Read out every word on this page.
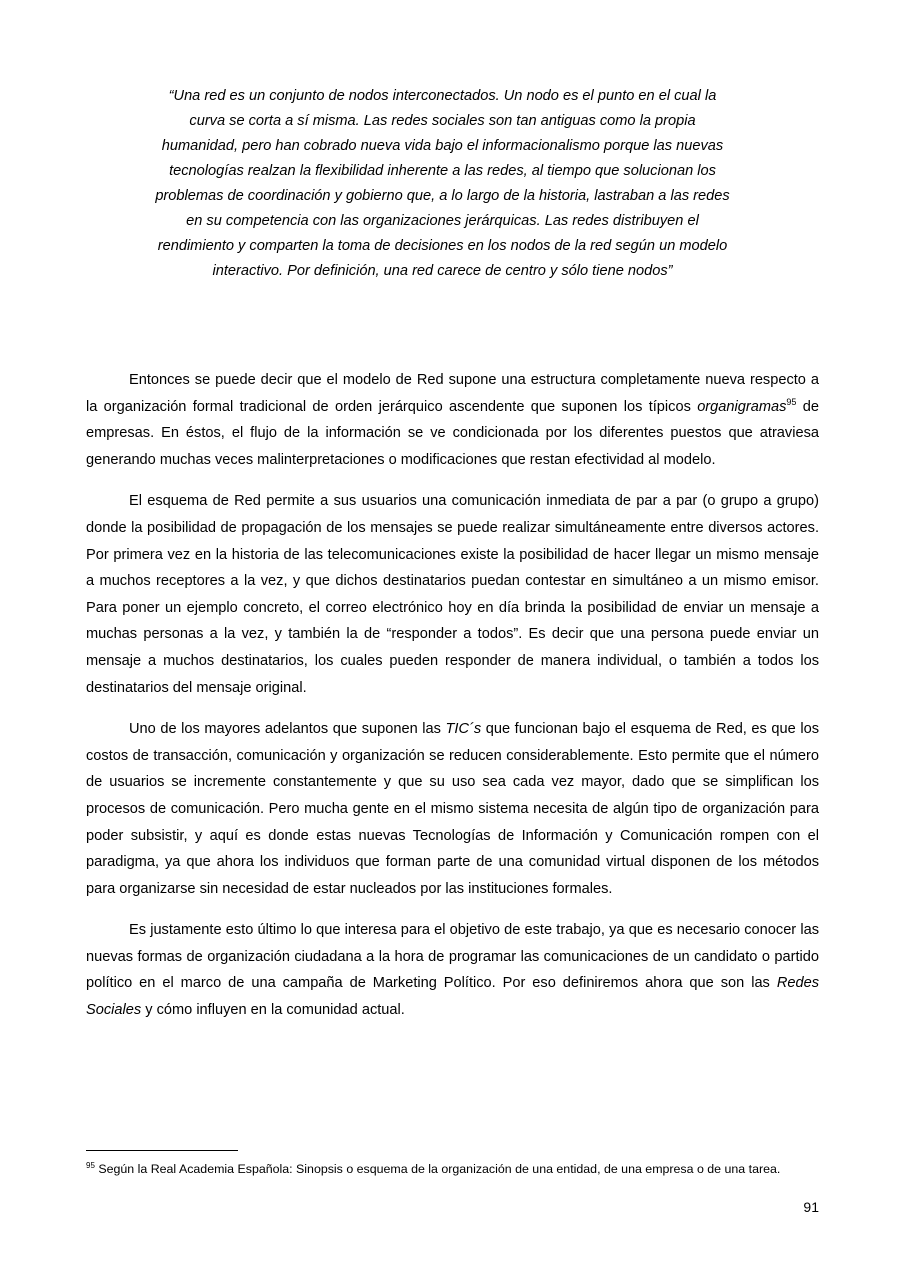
“Una red es un conjunto de nodos interconectados. Un nodo es el punto en el cual la curva se corta a sí misma. Las redes sociales son tan antiguas como la propia humanidad, pero han cobrado nueva vida bajo el informacionalismo porque las nuevas tecnologías realzan la flexibilidad inherente a las redes, al tiempo que solucionan los problemas de coordinación y gobierno que, a lo largo de la historia, lastraban a las redes en su competencia con las organizaciones jerárquicas. Las redes distribuyen el rendimiento y comparten la toma de decisiones en los nodos de la red según un modelo interactivo. Por definición, una red carece de centro y sólo tiene nodos”

Entonces se puede decir que el modelo de Red supone una estructura completamente nueva respecto a la organización formal tradicional de orden jerárquico ascendente que suponen los típicos organigramas$^{95}$ de empresas. En éstos, el flujo de la información se ve condicionada por los diferentes puestos que atraviesa generando muchas veces malinterpretaciones o modificaciones que restan efectividad al modelo.

El esquema de Red permite a sus usuarios una comunicación inmediata de par a par (o grupo a grupo) donde la posibilidad de propagación de los mensajes se puede realizar simultáneamente entre diversos actores. Por primera vez en la historia de las telecomunicaciones existe la posibilidad de hacer llegar un mismo mensaje a muchos receptores a la vez, y que dichos destinatarios puedan contestar en simultáneo a un mismo emisor. Para poner un ejemplo concreto, el correo electrónico hoy en día brinda la posibilidad de enviar un mensaje a muchas personas a la vez, y también la de “responder a todos”. Es decir que una persona puede enviar un mensaje a muchos destinatarios, los cuales pueden responder de manera individual, o también a todos los destinatarios del mensaje original.

Uno de los mayores adelantos que suponen las TIC´s que funcionan bajo el esquema de Red, es que los costos de transacción, comunicación y organización se reducen considerablemente. Esto permite que el número de usuarios se incremente constantemente y que su uso sea cada vez mayor, dado que se simplifican los procesos de comunicación. Pero mucha gente en el mismo sistema necesita de algún tipo de organización para poder subsistir, y aquí es donde estas nuevas Tecnologías de Información y Comunicación rompen con el paradigma, ya que ahora los individuos que forman parte de una comunidad virtual disponen de los métodos para organizarse sin necesidad de estar nucleados por las instituciones formales.

Es justamente esto último lo que interesa para el objetivo de este trabajo, ya que es necesario conocer las nuevas formas de organización ciudadana a la hora de programar las comunicaciones de un candidato o partido político en el marco de una campaña de Marketing Político. Por eso definiremos ahora que son las Redes Sociales y cómo influyen en la comunidad actual.

$^{95}$ Según la Real Academia Española: Sinopsis o esquema de la organización de una entidad, de una empresa o de una tarea.
91
